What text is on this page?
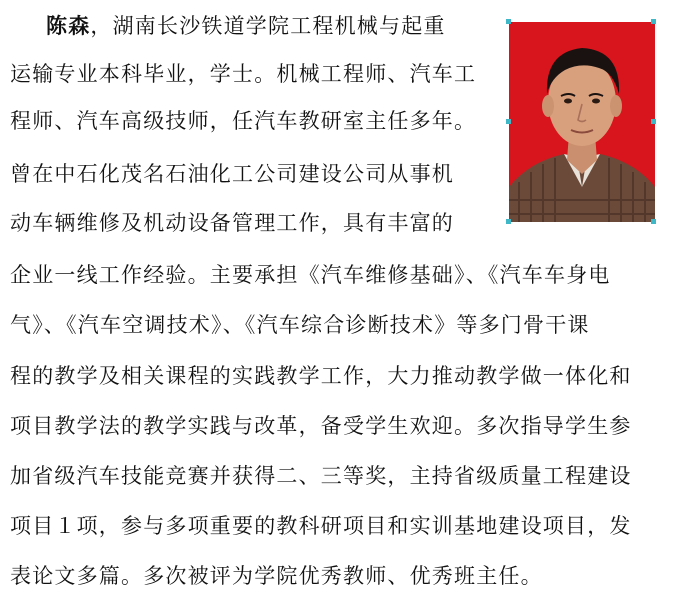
陈森，湖南长沙铁道学院工程机械与起重
运输专业本科毕业，学士。机械工程师、汽车工
程师、汽车高级技师，任汽车教研室主任多年。
曾在中石化茂名石油化工公司建设公司从事机
动车辆维修及机动设备管理工作，具有丰富的
企业一线工作经验。主要承担《汽车维修基础》、《汽车车身电
气》、《汽车空调技术》、《汽车综合诊断技术》等多门骨干课
程的教学及相关课程的实践教学工作，大力推动教学做一体化和
项目教学法的教学实践与改革，备受学生欢迎。多次指导学生参
加省级汽车技能竞赛并获得二、三等奖，主持省级质量工程建设
项目１项，参与多项重要的教科研项目和实训基地建设项目，发
表论文多篇。多次被评为学院优秀教师、优秀班主任。
